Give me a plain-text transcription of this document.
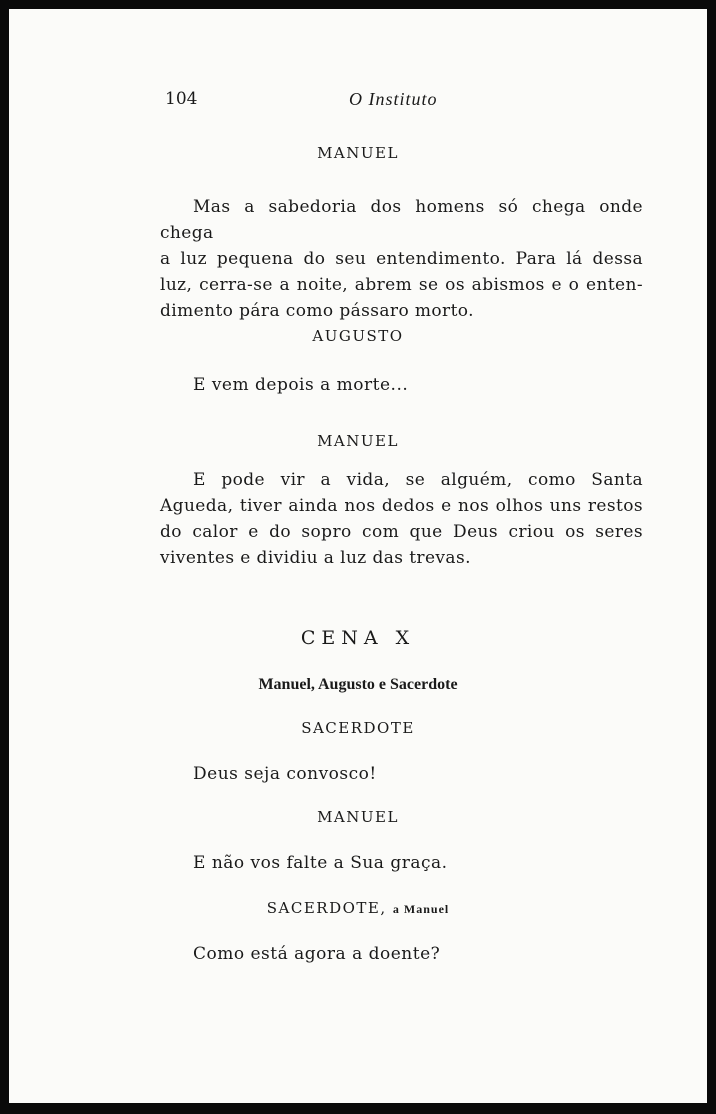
104	O Instituto
MANUEL
Mas a sabedoria dos homens só chega onde chega
a luz pequena do seu entendimento. Para lá dessa
luz, cerra-se a noite, abrem se os abismos e o enten-
dimento pára como pássaro morto.
AUGUSTO
E vem depois a morte...
MANUEL
E pode vir a vida, se alguém, como Santa
Agueda, tiver ainda nos dedos e nos olhos uns restos
do calor e do sopro com que Deus criou os seres
viventes e dividiu a luz das trevas.
CENA X
Manuel, Augusto e Sacerdote
SACERDOTE
Deus seja convosco!
MANUEL
E não vos falte a Sua graça.
SACERDOTE, a Manuel
Como está agora a doente?
